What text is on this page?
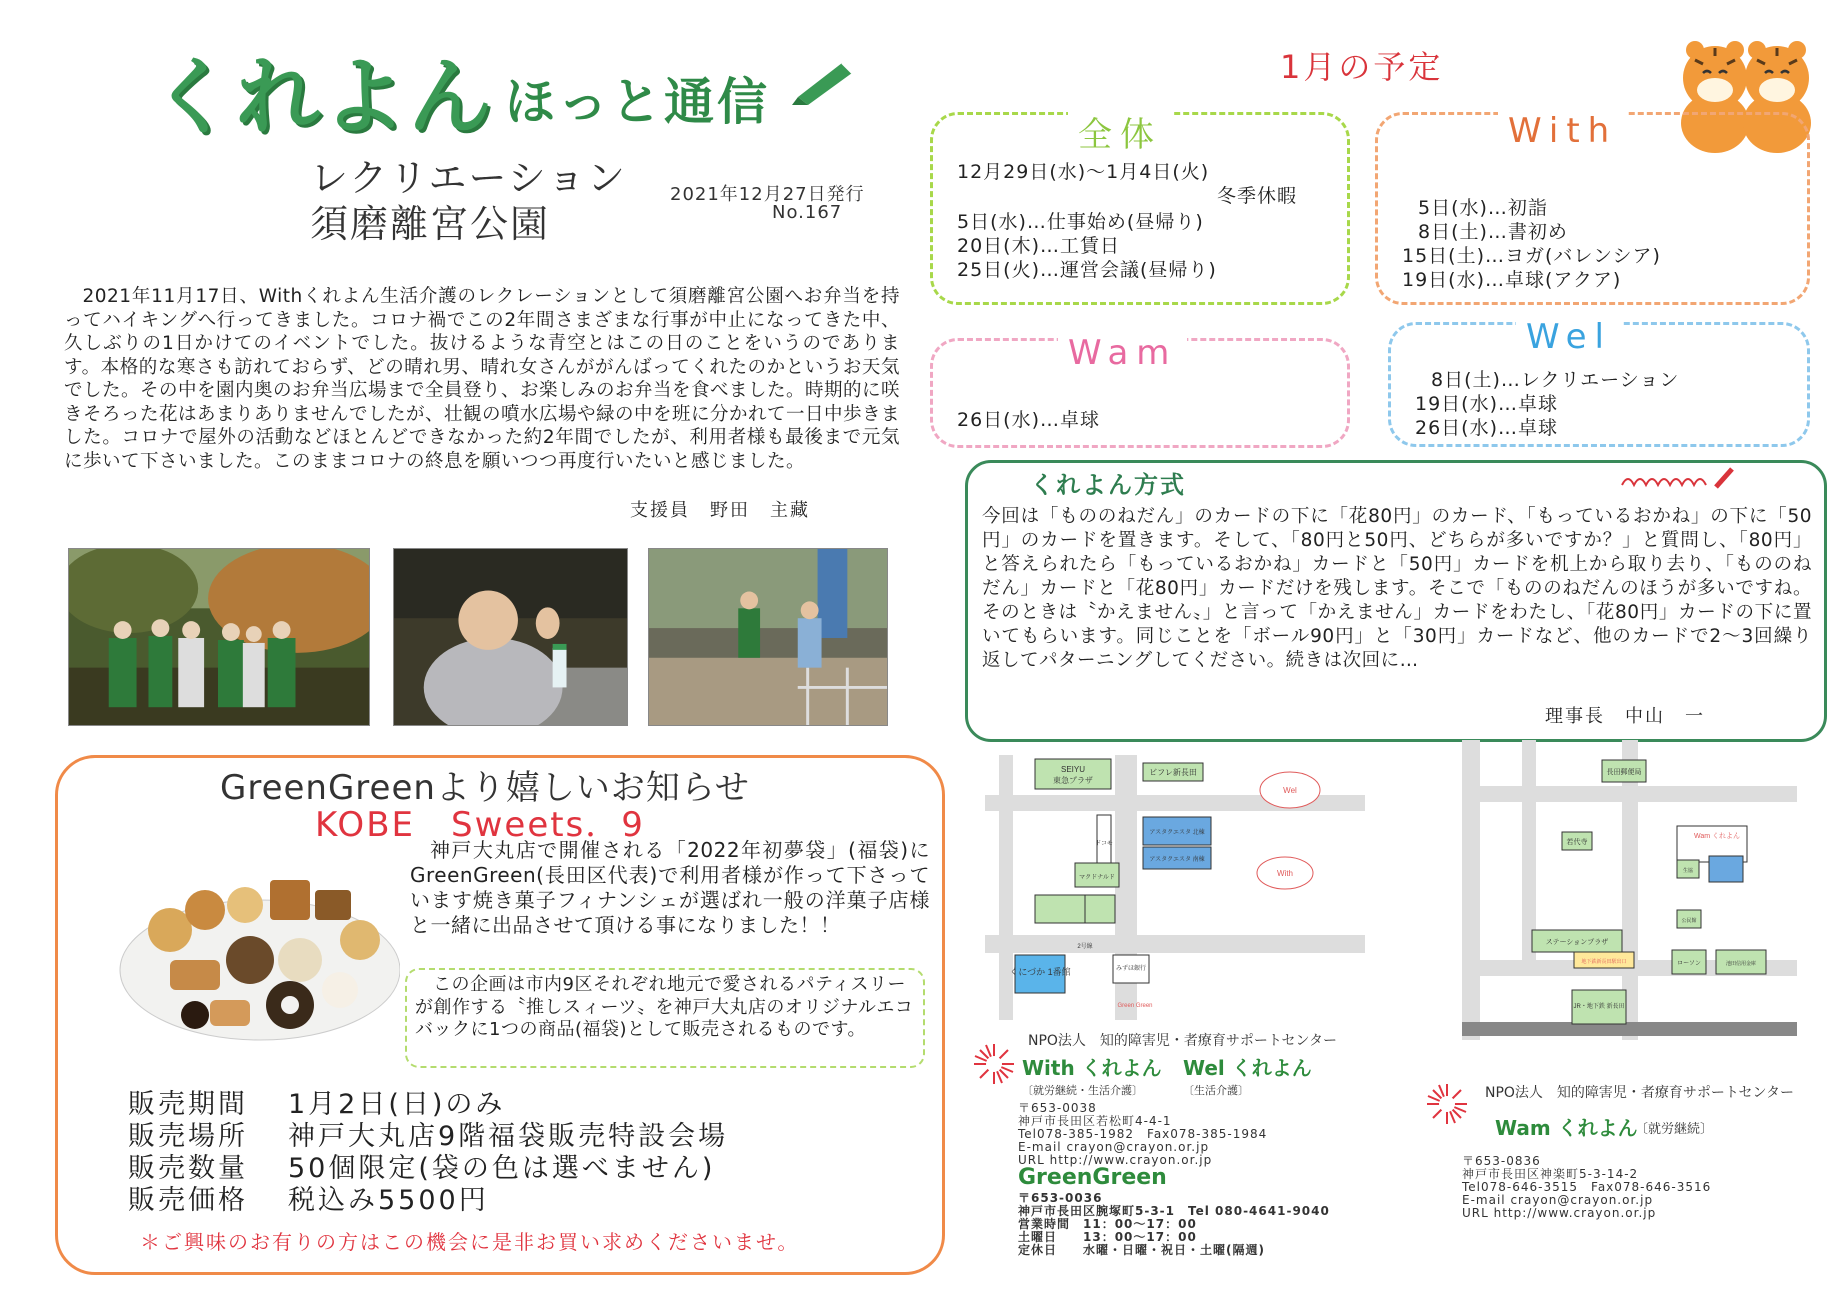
くれよん ほっと通信
レクリエーション
須磨離宮公園
2021年12月27日発行
No.167
2021年11月17日、Withくれよん生活介護のレクレーションとして須磨離宮公園へお弁当を持ってハイキングへ行ってきました。コロナ禍でこの2年間さまざまな行事が中止になってきた中、久しぶりの1日かけてのイベントでした。抜けるような青空とはこの日のことをいうのであります。本格的な寒さも訪れておらず、どの晴れ男、晴れ女さんががんばってくれたのかというお天気でした。その中を園内奥のお弁当広場まで全員登り、お楽しみのお弁当を食べました。時期的に咲きそろった花はあまりありませんでしたが、壮観の噴水広場や緑の中を班に分かれて一日中歩きました。コロナで屋外の活動などほとんどできなかった約2年間でしたが、利用者様も最後まで元気に歩いて下さいました。このままコロナの終息を願いつつ再度行いたいと感じました。
支援員　野田　主藏
1月の予定
全体
12月29日(水)～1月4日(火)
冬季休暇
5日(水)…仕事始め(昼帰り)
20日(木)…工賃日
25日(火)…運営会議(昼帰り)
With
5日(水)…初詣
8日(土)…書初め
15日(土)…ヨガ(バレンシア)
19日(水)…卓球(アクア)
Wam
26日(水)…卓球
Wel
8日(土)…レクリエーション
19日(水)…卓球
26日(水)…卓球
くれよん方式
今回は「もののねだん」のカードの下に「花80円」のカード、「もっているおかね」の下に「50円」のカードを置きます。そして、「80円と50円、どちらが多いですか？」と質問し、「80円」と答えられたら「もっているおかね」カードと「50円」カードを机上から取り去り、「もののねだん」カードと「花80円」カードだけを残します。そこで「もののねだんのほうが多いですね。そのときは〝かえません〟」と言って「かえません」カードをわたし、「花80円」カードの下に置いてもらいます。同じことを「ボール90円」と「30円」カードなど、他のカードで2～3回繰り返してパターニングしてください。続きは次回に…
理事長　中山　一
GreenGreenより嬉しいお知らせ
KOBE　Sweets．9
神戸大丸店で開催される「2022年初夢袋」(福袋)にGreenGreen(長田区代表)で利用者様が作って下さっています焼き菓子フィナンシェが選ばれ一般の洋菓子店様と一緒に出品させて頂ける事になりました！！
この企画は市内9区それぞれ地元で愛されるパティスリーが創作する〝推しスィーツ〟を神戸大丸店のオリジナルエコバックに1つの商品(福袋)として販売されるものです。
販売期間 1月2日(日)のみ
販売場所 神戸大丸店9階福袋販売特設会場
販売数量 50個限定(袋の色は選べません)
販売価格 税込み5500円
＊ご興味のお有りの方はこの機会に是非お買い求めくださいませ。
SEIYU
東急プラザ
ビフレ新長田
ドコモ
マクドナルド
アスタクエスタ 北棟
アスタクエスタ 南棟
Wel
With
2号線
みずほ銀行
くにづか 1番館
Green Green
長田郵便局
若代寺
Wam くれよん
生協
公民館
ステーションプラザ
地下鉄新長田駅出口	ローソン	池田信用金庫
JR・地下鉄 新長田
NPO法人　知的障害児・者療育サポートセンター
With くれよん Wel くれよん
〔就労継続・生活介護〕	〔生活介護〕
〒653-0038
神戸市長田区若松町4-4-1
Tel078-385-1982　Fax078-385-1984
E-mail crayon@crayon.or.jp
URL http://www.crayon.or.jp
GreenGreen
〒653-0036
神戸市長田区腕塚町5-3-1　Tel 080-4641-9040
営業時間　11：00～17：00
土曜日　　13：00～17：00
定休日　　水曜・日曜・祝日・土曜(隔週)
NPO法人　知的障害児・者療育サポートセンター
Wam くれよん
〔就労継続〕
〒653-0836
神戸市長田区神楽町5-3-14-2
Tel078-646-3515　Fax078-646-3516
E-mail crayon@crayon.or.jp
URL http://www.crayon.or.jp
